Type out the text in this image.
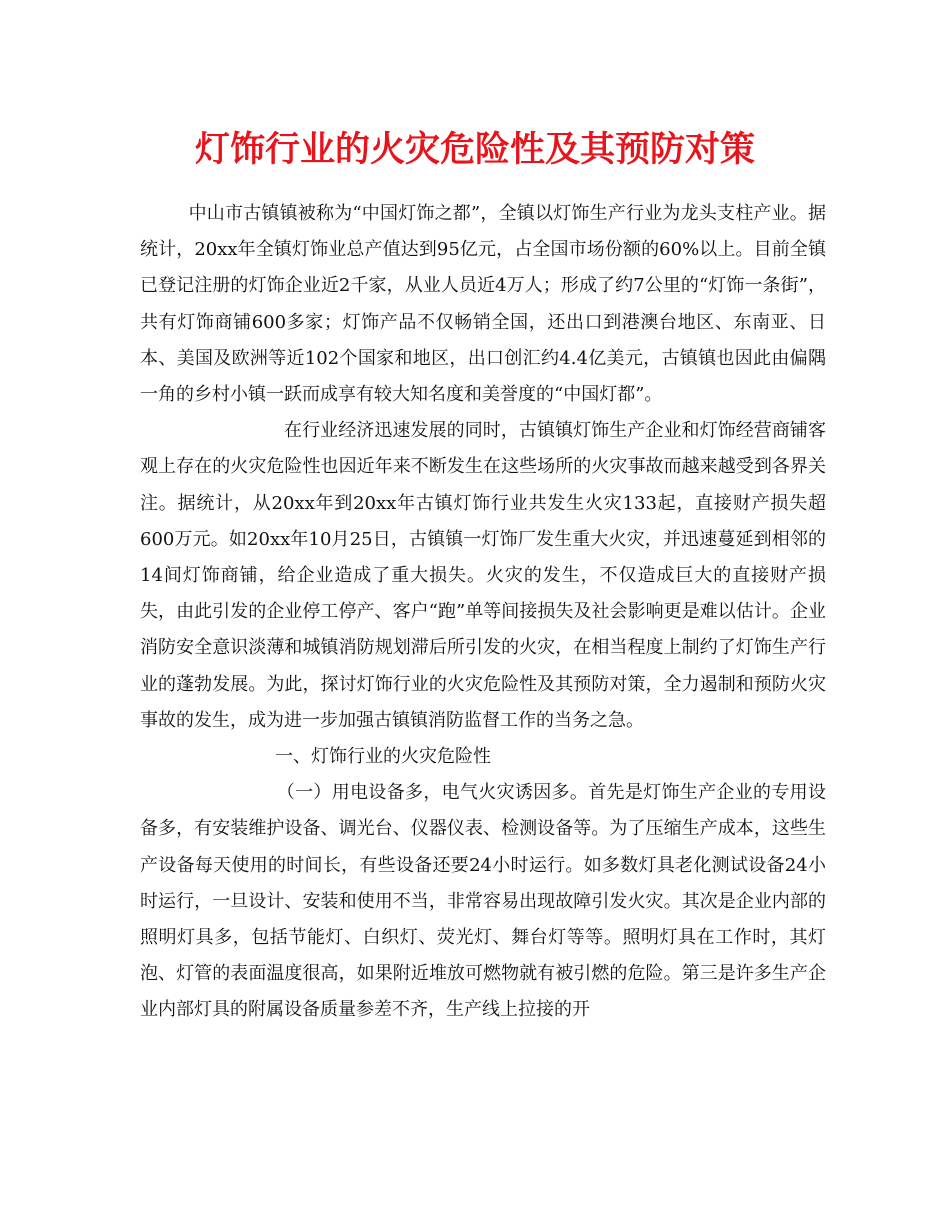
灯饰行业的火灾危险性及其预防对策

中山市古镇镇被称为“中国灯饰之都”，全镇以灯饰生产行业为龙头支柱产业。据统计，20xx年全镇灯饰业总产值达到95亿元，占全国市场份额的60%以上。目前全镇已登记注册的灯饰企业近2千家，从业人员近4万人；形成了约7公里的“灯饰一条街”，共有灯饰商铺600多家；灯饰产品不仅畅销全国，还出口到港澳台地区、东南亚、日本、美国及欧洲等近102个国家和地区，出口创汇约4.4亿美元，古镇镇也因此由偏隅一角的乡村小镇一跃而成享有较大知名度和美誉度的“中国灯都”。

在行业经济迅速发展的同时，古镇镇灯饰生产企业和灯饰经营商铺客观上存在的火灾危险性也因近年来不断发生在这些场所的火灾事故而越来越受到各界关注。据统计，从20xx年到20xx年古镇灯饰行业共发生火灾133起，直接财产损失超600万元。如20xx年10月25日，古镇镇一灯饰厂发生重大火灾，并迅速蔓延到相邻的14间灯饰商铺，给企业造成了重大损失。火灾的发生，不仅造成巨大的直接财产损失，由此引发的企业停工停产、客户“跑”单等间接损失及社会影响更是难以估计。企业消防安全意识淡薄和城镇消防规划滞后所引发的火灾，在相当程度上制约了灯饰生产行业的蓬勃发展。为此，探讨灯饰行业的火灾危险性及其预防对策，全力遏制和预防火灾事故的发生，成为进一步加强古镇镇消防监督工作的当务之急。

一、灯饰行业的火灾危险性

（一）用电设备多，电气火灾诱因多。首先是灯饰生产企业的专用设备多，有安装维护设备、调光台、仪器仪表、检测设备等。为了压缩生产成本，这些生产设备每天使用的时间长，有些设备还要24小时运行。如多数灯具老化测试设备24小时运行，一旦设计、安装和使用不当，非常容易出现故障引发火灾。其次是企业内部的照明灯具多，包括节能灯、白织灯、荧光灯、舞台灯等等。照明灯具在工作时，其灯泡、灯管的表面温度很高，如果附近堆放可燃物就有被引燃的危险。第三是许多生产企业内部灯具的附属设备质量参差不齐，生产线上拉接的开
